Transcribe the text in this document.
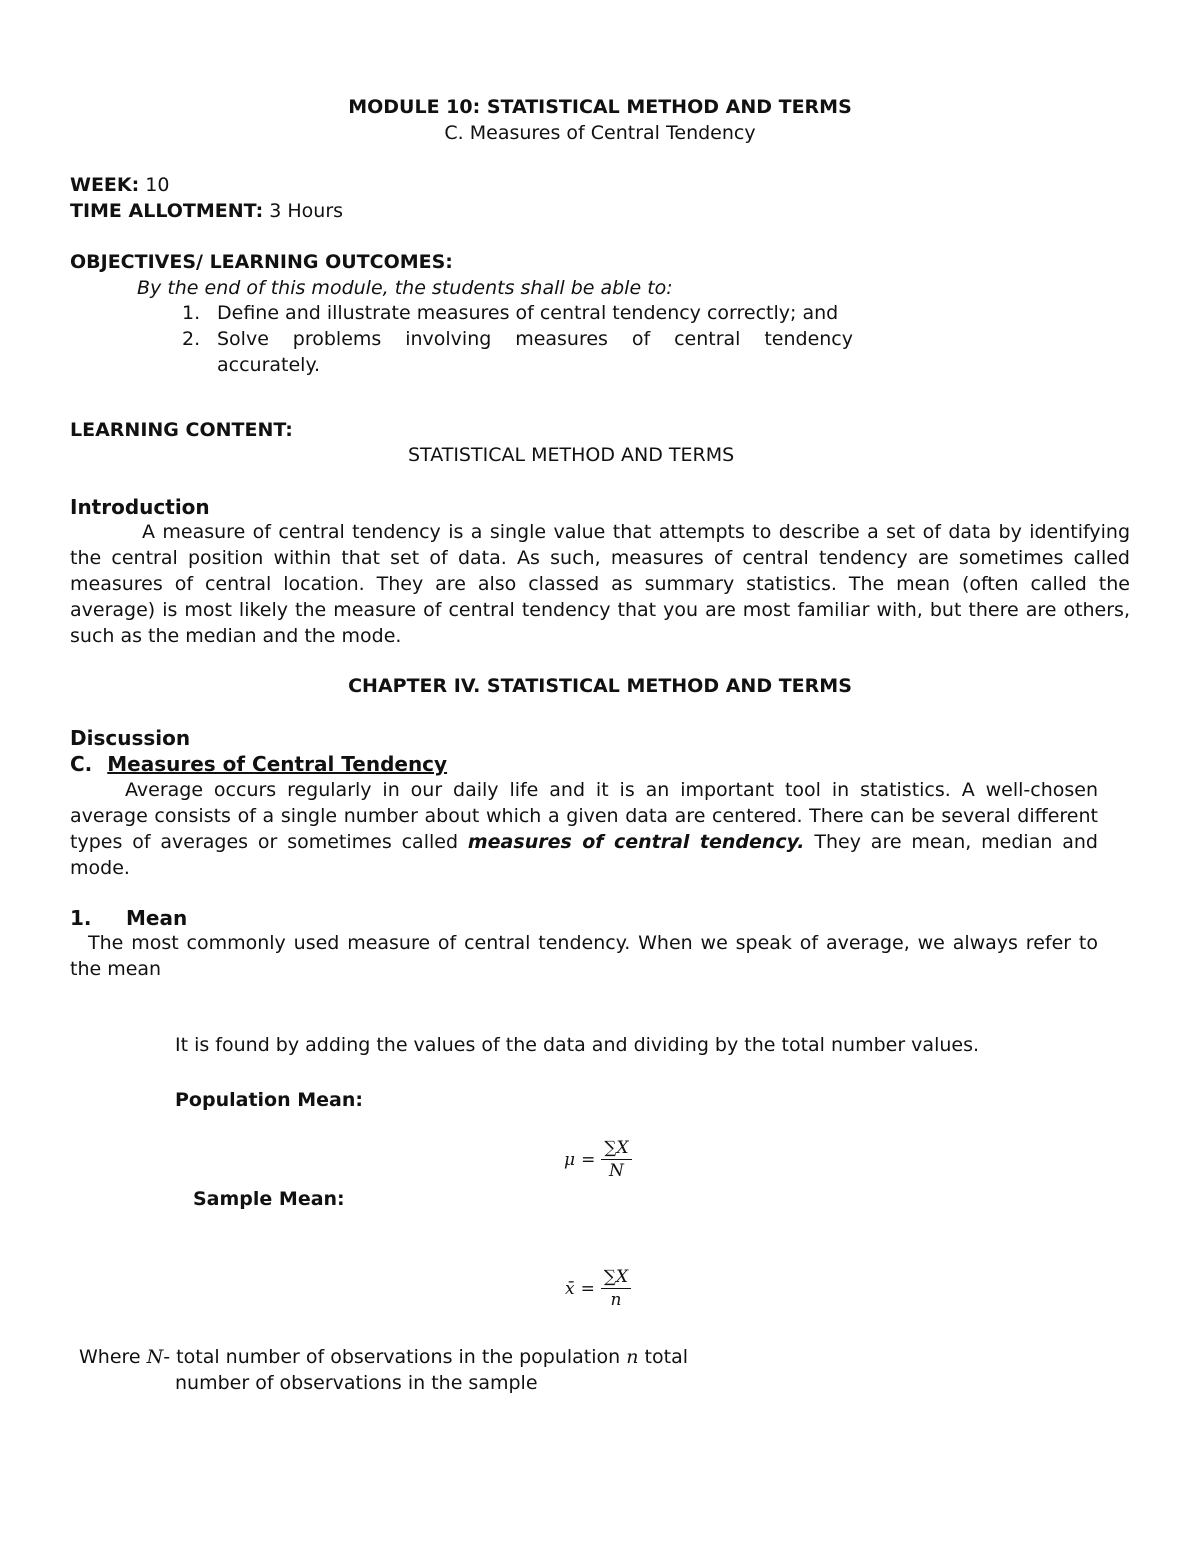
MODULE 10: STATISTICAL METHOD AND TERMS
C. Measures of Central Tendency
WEEK: 10
TIME ALLOTMENT: 3 Hours
OBJECTIVES/ LEARNING OUTCOMES:
By the end of this module, the students shall be able to:
1. Define and illustrate measures of central tendency correctly; and
2. Solve problems involving measures of central tendency accurately.
LEARNING CONTENT:
STATISTICAL METHOD AND TERMS
Introduction
A measure of central tendency is a single value that attempts to describe a set of data by identifying the central position within that set of data. As such, measures of central tendency are sometimes called measures of central location. They are also classed as summary statistics. The mean (often called the average) is most likely the measure of central tendency that you are most familiar with, but there are others, such as the median and the mode.
CHAPTER IV. STATISTICAL METHOD AND TERMS
Discussion
C. Measures of Central Tendency
Average occurs regularly in our daily life and it is an important tool in statistics. A well-chosen average consists of a single number about which a given data are centered. There can be several different types of averages or sometimes called measures of central tendency. They are mean, median and mode.
1. Mean
The most commonly used measure of central tendency. When we speak of average, we always refer to the mean
It is found by adding the values of the data and dividing by the total number values.
Population Mean:
$\mu = \frac{\sum X}{N}$
Sample Mean:
x̄ = $\frac{\sum X}{n}$
Where N- total number of observations in the population n total
number of observations in the sample
